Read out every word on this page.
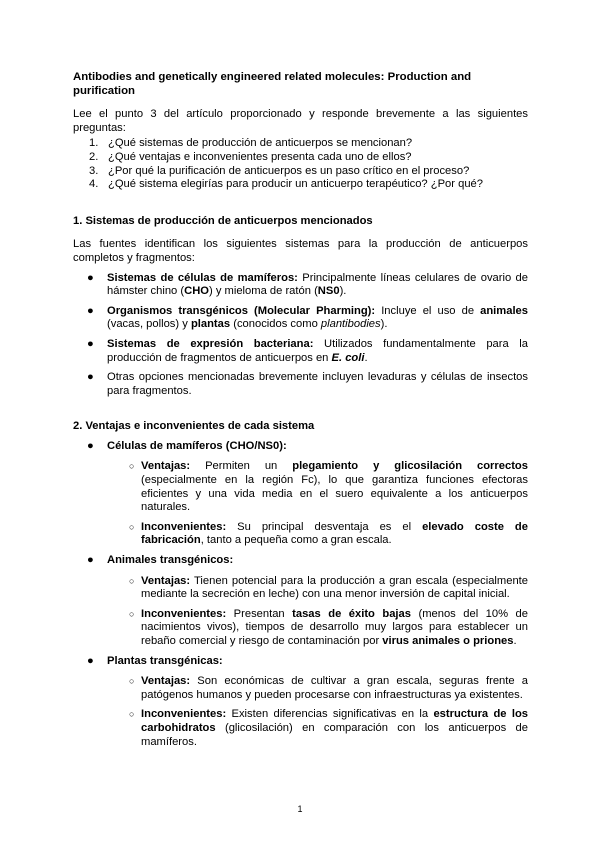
Antibodies and genetically engineered related molecules: Production and purification

Lee el punto 3 del artículo proporcionado y responde brevemente a las siguientes preguntas:

1. ¿Qué sistemas de producción de anticuerpos se mencionan?
2. ¿Qué ventajas e inconvenientes presenta cada uno de ellos?
3. ¿Por qué la purificación de anticuerpos es un paso crítico en el proceso?
4. ¿Qué sistema elegirías para producir un anticuerpo terapéutico? ¿Por qué?
1. Sistemas de producción de anticuerpos mencionados

Las fuentes identifican los siguientes sistemas para la producción de anticuerpos completos y fragmentos:

● Sistemas de células de mamíferos: Principalmente líneas celulares de ovario de hámster chino (CHO) y mieloma de ratón (NS0).
● Organismos transgénicos (Molecular Pharming): Incluye el uso de animales (vacas, pollos) y plantas (conocidos como plantibodies).
● Sistemas de expresión bacteriana: Utilizados fundamentalmente para la producción de fragmentos de anticuerpos en E. coli.
● Otras opciones mencionadas brevemente incluyen levaduras y células de insectos para fragmentos.
2. Ventajas e inconvenientes de cada sistema
● Células de mamíferos (CHO/NS0):
○ Ventajas: Permiten un plegamiento y glicosilación correctos (especialmente en la región Fc), lo que garantiza funciones efectoras eficientes y una vida media en el suero equivalente a los anticuerpos naturales.
○ Inconvenientes: Su principal desventaja es el elevado coste de fabricación, tanto a pequeña como a gran escala.
● Animales transgénicos:
○ Ventajas: Tienen potencial para la producción a gran escala (especialmente mediante la secreción en leche) con una menor inversión de capital inicial.
○ Inconvenientes: Presentan tasas de éxito bajas (menos del 10% de nacimientos vivos), tiempos de desarrollo muy largos para establecer un rebaño comercial y riesgo de contaminación por virus animales o priones.
● Plantas transgénicas:
○ Ventajas: Son económicas de cultivar a gran escala, seguras frente a patógenos humanos y pueden procesarse con infraestructuras ya existentes.
○ Inconvenientes: Existen diferencias significativas en la estructura de los carbohidratos (glicosilación) en comparación con los anticuerpos de mamíferos.
1
